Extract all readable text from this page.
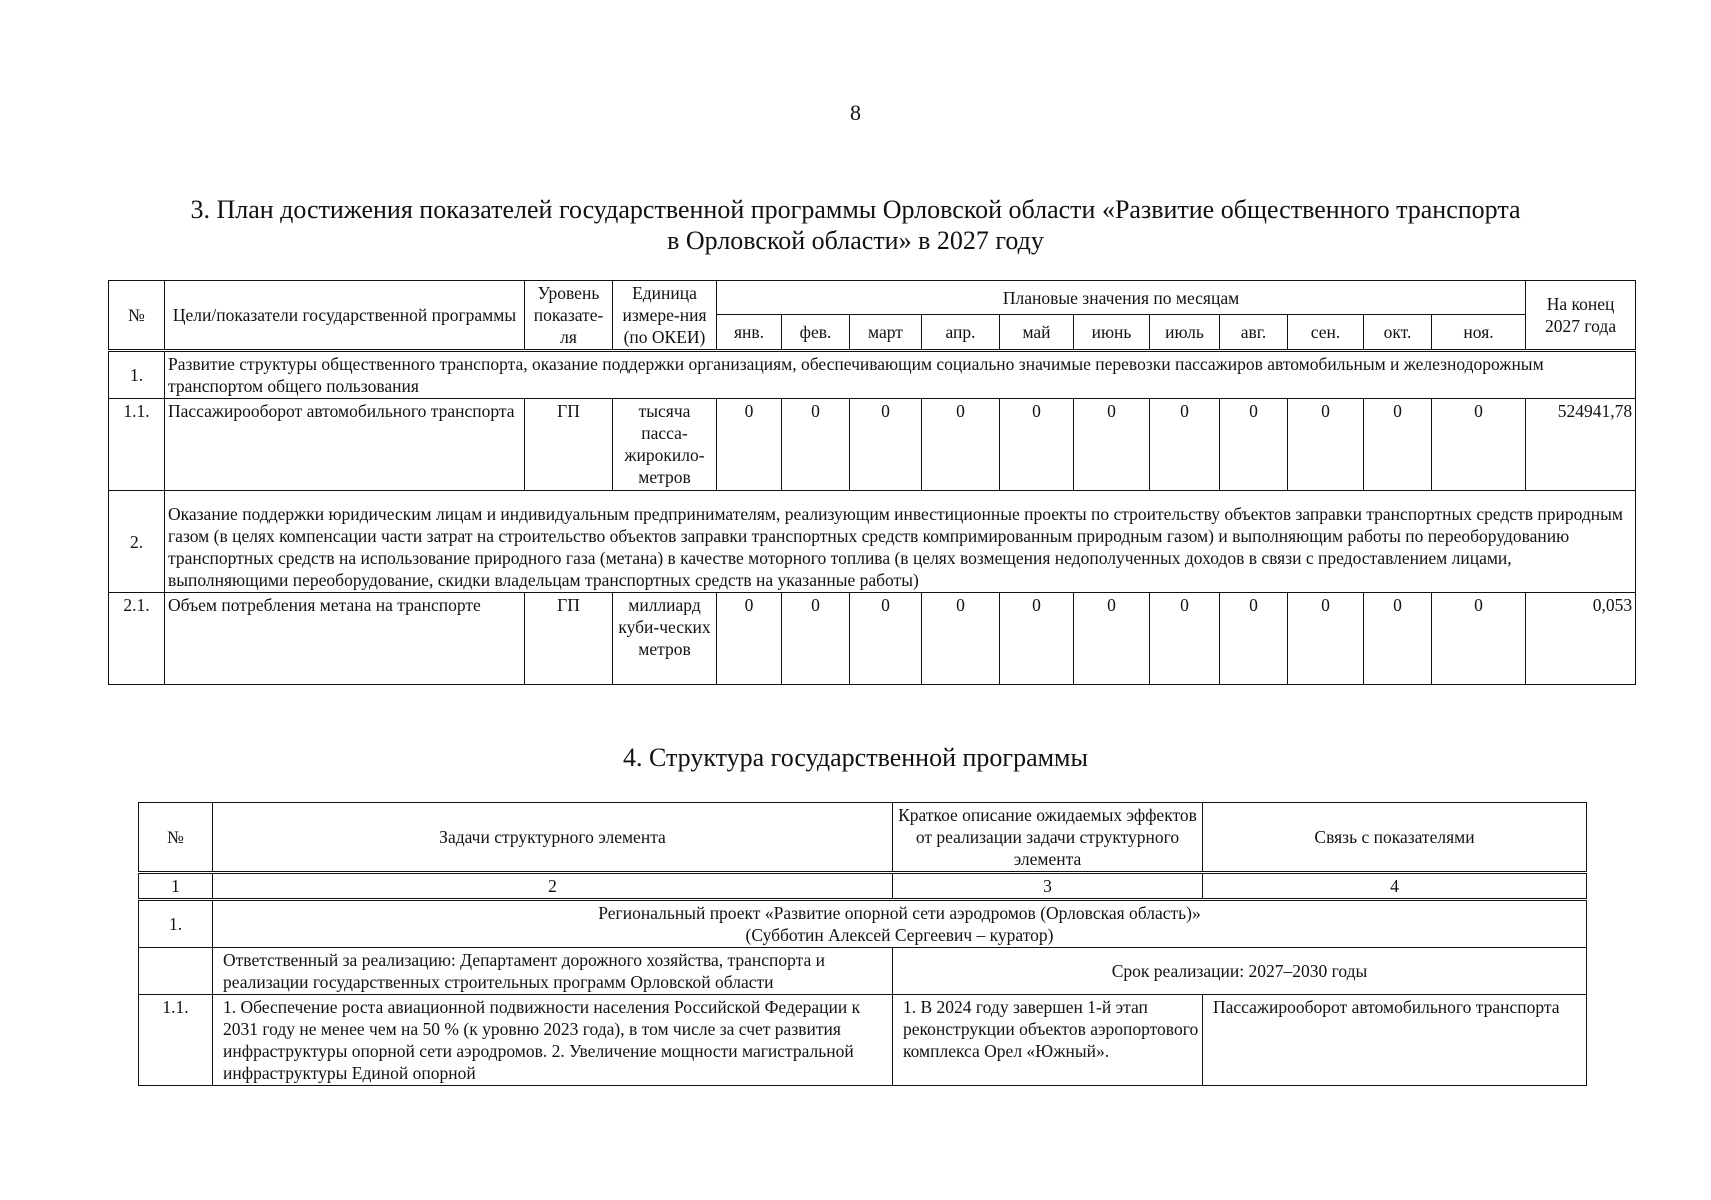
8
3. План достижения показателей государственной программы Орловской области «Развитие общественного транспорта
в Орловской области» в 2027 году
№	Цели/показатели государственной программы	Уровень показате-ля	Единица измере-ния (по ОКЕИ)	Плановые значения по месяцам											На конец 2027 года
				янв.	фев.	март	апр.	май	июнь	июль	авг.	сен.	окт.	ноя.	
1.	Развитие структуры общественного транспорта, оказание поддержки организациям, обеспечивающим социально значимые перевозки пассажиров автомобильным и железнодорожным транспортом общего пользования														
1.1.	Пассажирооборот автомобильного транспорта	ГП	тысяча пасса-жирокило-метров	0	0	0	0	0	0	0	0	0	0	0	524941,78
2.	Оказание поддержки юридическим лицам и индивидуальным предпринимателям, реализующим инвестиционные проекты по строительству объектов заправки транспортных средств природным газом (в целях компенсации части затрат на строительство объектов заправки транспортных средств компримированным природным газом) и выполняющим работы по переоборудованию транспортных средств на использование природного газа (метана) в качестве моторного топлива (в целях возмещения недополученных доходов в связи с предоставлением лицами, выполняющими переоборудование, скидки владельцам транспортных средств на указанные работы)														
2.1.	Объем потребления метана на транспорте	ГП	миллиард куби-ческих метров	0	0	0	0	0	0	0	0	0	0	0	0,053
4. Структура государственной программы
№	Задачи структурного элемента	Краткое описание ожидаемых эффектов от реализации задачи структурного элемента	Связь с показателями
1	2	3	4
1.	Региональный проект «Развитие опорной сети аэродромов (Орловская область)»
(Субботин Алексей Сергеевич – куратор)		

	Ответственный за реализацию: Департамент дорожного хозяйства, транспорта и реализации государственных строительных программ Орловской области	Срок реализации: 2027–2030 годы	
1.1.	1. Обеспечение роста авиационной подвижности населения Российской Федерации к 2031 году не менее чем на 50 % (к уровню 2023 года), в том числе за счет развития инфраструктуры опорной сети аэродромов. 2. Увеличение мощности магистральной инфраструктуры Единой опорной	1. В 2024 году завершен 1-й этап реконструкции объектов аэропортового комплекса Орел «Южный».	Пассажирооборот автомобильного транспорта
